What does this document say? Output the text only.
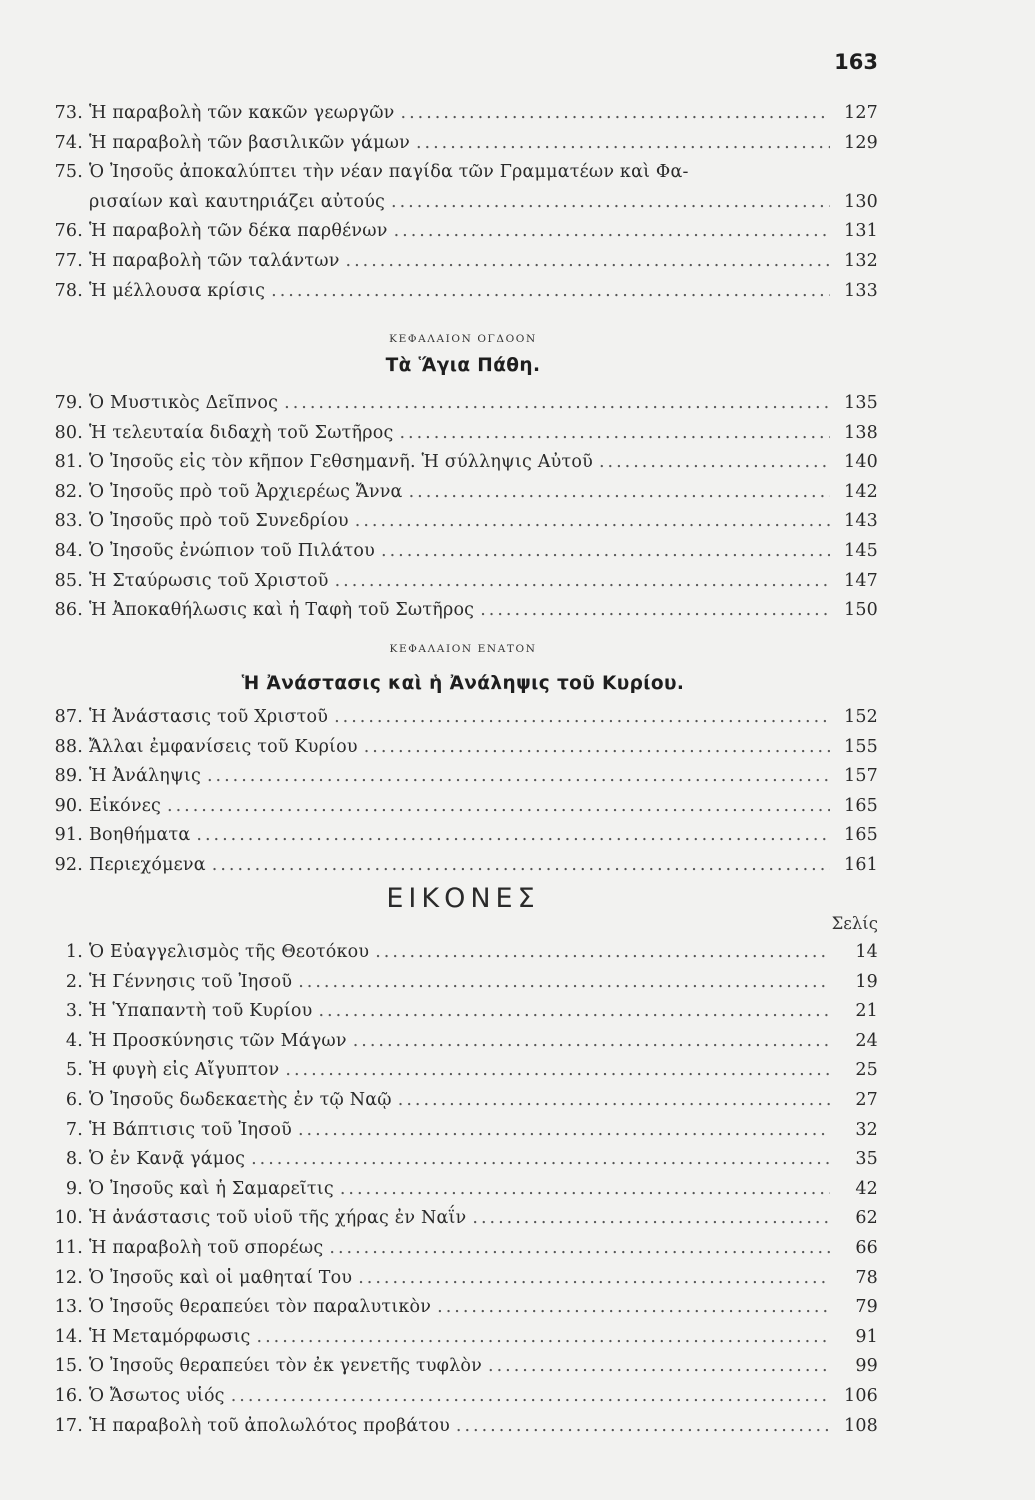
163
73. Ἡ παραβολὴ τῶν κακῶν γεωργῶν .....	127
74. Ἡ παραβολὴ τῶν βασιλικῶν γάμων .....	129
75. Ὁ Ἰησοῦς ἀποκαλύπτει τὴν νέαν παγίδα τῶν Γραμματέων καὶ Φα-
ρισαίων καὶ καυτηριάζει αὐτούς .....	130
76. Ἡ παραβολὴ τῶν δέκα παρθένων .....	131
77. Ἡ παραβολὴ τῶν ταλάντων .....	132
78. Ἡ μέλλουσα κρίσις .....	133
ΚΕΦΑΛΑΙΟΝ ΟΓΔΟΟΝ
Τὰ Ἅγια Πάθη.
79. Ὁ Μυστικὸς Δεῖπνος .....	135
80. Ἡ τελευταία διδαχὴ τοῦ Σωτῆρος .....	138
81. Ὁ Ἰησοῦς εἰς τὸν κῆπον Γεθσημανῆ. Ἡ σύλληψις Αὐτοῦ .....	140
82. Ὁ Ἰησοῦς πρὸ τοῦ Ἀρχιερέως Ἄννα .....	142
83. Ὁ Ἰησοῦς πρὸ τοῦ Συνεδρίου .....	143
84. Ὁ Ἰησοῦς ἐνώπιον τοῦ Πιλάτου .....	145
85. Ἡ Σταύρωσις τοῦ Χριστοῦ .....	147
86. Ἡ Ἀποκαθήλωσις καὶ ἡ Ταφὴ τοῦ Σωτῆρος .....	150
ΚΕΦΑΛΑΙΟΝ ΕΝΑΤΟΝ
Ἡ Ἀνάστασις καὶ ἡ Ἀνάληψις τοῦ Κυρίου.
87. Ἡ Ἀνάστασις τοῦ Χριστοῦ .....	152
88. Ἄλλαι ἐμφανίσεις τοῦ Κυρίου .....	155
89. Ἡ Ἀνάληψις .....	157
90. Εἰκόνες .....	165
91. Βοηθήματα .....	165
92. Περιεχόμενα .....	161
ΕΙΚΟΝΕΣ
Σελίς
1. Ὁ Εὐαγγελισμὸς τῆς Θεοτόκου .....	14
2. Ἡ Γέννησις τοῦ Ἰησοῦ .....	19
3. Ἡ Ὑπαπαντὴ τοῦ Κυρίου .....	21
4. Ἡ Προσκύνησις τῶν Μάγων .....	24
5. Ἡ φυγὴ εἰς Αἴγυπτον .....	25
6. Ὁ Ἰησοῦς δωδεκαετὴς ἐν τῷ Ναῷ .....	27
7. Ἡ Βάπτισις τοῦ Ἰησοῦ .....	32
8. Ὁ ἐν Κανᾷ γάμος .....	35
9. Ὁ Ἰησοῦς καὶ ἡ Σαμαρεῖτις .....	42
10. Ἡ ἀνάστασις τοῦ υἱοῦ τῆς χήρας ἐν Ναΐν .....	62
11. Ἡ παραβολὴ τοῦ σπορέως .....	66
12. Ὁ Ἰησοῦς καὶ οἱ μαθηταί Του .....	78
13. Ὁ Ἰησοῦς θεραπεύει τὸν παραλυτικὸν .....	79
14. Ἡ Μεταμόρφωσις .....	91
15. Ὁ Ἰησοῦς θεραπεύει τὸν ἐκ γενετῆς τυφλὸν .....	99
16. Ὁ Ἄσωτος υἱός .....	106
17. Ἡ παραβολὴ τοῦ ἀπολωλότος προβάτου .....	108
